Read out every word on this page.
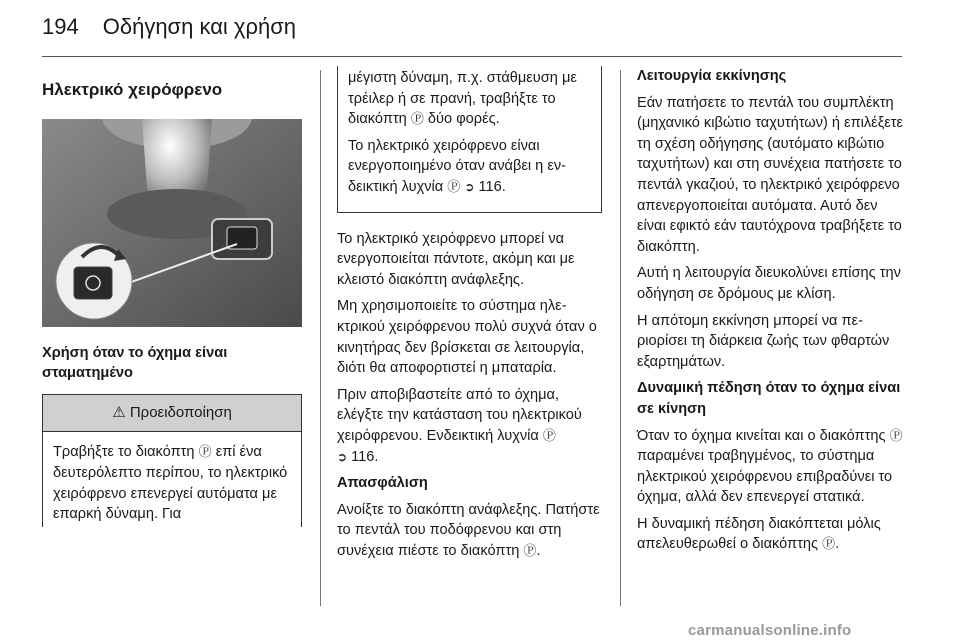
194 Οδήγηση και χρήση
Ηλεκτρικό χειρόφρενο
Χρήση όταν το όχημα είναι σταματημένο
⚠ Προειδοποίηση
Τραβήξτε το διακόπτη Ⓟ επί ένα δευτερόλεπτο περίπου, το ηλεκτρικό χειρόφρενο επενεργεί αυτόματα με επαρκή δύναμη. Για

μέγιστη δύναμη, π.χ. στάθμευση με τρέιλερ ή σε πρανή, τραβήξτε το διακόπτη Ⓟ δύο φορές.

Το ηλεκτρικό χειρόφρενο είναι ενεργοποιημένο όταν ανάβει η ενδεικτική λυχνία Ⓟ ➲ 116.

Το ηλεκτρικό χειρόφρενο μπορεί να ενεργοποιείται πάντοτε, ακόμη και με κλειστό διακόπτη ανάφλεξης.

Μη χρησιμοποιείτε το σύστημα ηλεκτρικού χειρόφρενου πολύ συχνά όταν ο κινητήρας δεν βρίσκεται σε λειτουργία, διότι θα αποφορτιστεί η μπαταρία.

Πριν αποβιβαστείτε από το όχημα, ελέγξτε την κατάσταση του ηλεκτρικού χειρόφρενου. Ενδεικτική λυχνία Ⓟ
➲ 116.

Απασφάλιση

Ανοίξτε το διακόπτη ανάφλεξης. Πατήστε το πεντάλ του ποδόφρενου και στη συνέχεια πιέστε το διακόπτη Ⓟ.

Λειτουργία εκκίνησης

Εάν πατήσετε το πεντάλ του συμπλέκτη (μηχανικό κιβώτιο ταχυτήτων) ή επιλέξετε τη σχέση οδήγησης (αυτόματο κιβώτιο ταχυτήτων) και στη συνέχεια πατήσετε το πεντάλ γκαζιού, το ηλεκτρικό χειρόφρενο απενεργοποιείται αυτόματα. Αυτό δεν είναι εφικτό εάν ταυτόχρονα τραβήξετε το διακόπτη.

Αυτή η λειτουργία διευκολύνει επίσης την οδήγηση σε δρόμους με κλίση.

Η απότομη εκκίνηση μπορεί να περιορίσει τη διάρκεια ζωής των φθαρτών εξαρτημάτων.

Δυναμική πέδηση όταν το όχημα είναι σε κίνηση

Όταν το όχημα κινείται και ο διακόπτης Ⓟ παραμένει τραβηγμένος, το σύστημα ηλεκτρικού χειρόφρενου επιβραδύνει το όχημα, αλλά δεν επενεργεί στατικά.

Η δυναμική πέδηση διακόπτεται μόλις απελευθερωθεί ο διακόπτης Ⓟ.

carmanualsonline.info
